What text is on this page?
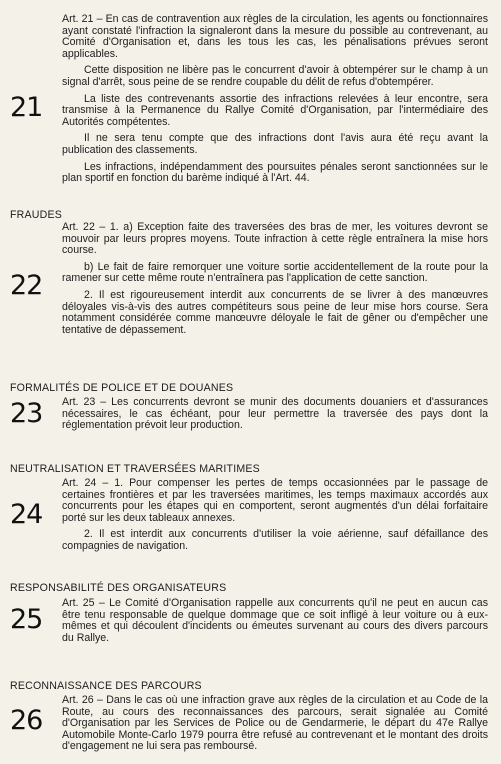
21

Art. 21 – En cas de contravention aux règles de la circulation, les agents ou fonctionnaires ayant constaté l'infraction la signaleront dans la mesure du possible au contrevenant, au Comité d'Organisation et, dans les tous les cas, les pénalisations prévues seront applicables.

Cette disposition ne libère pas le concurrent d'avoir à obtempérer sur le champ à un signal d'arrêt, sous peine de se rendre coupable du délit de refus d'obtempérer.

La liste des contrevenants assortie des infractions relevées à leur encontre, sera transmise à la Permanence du Rallye Comité d'Organisation, par l'intermédiaire des Autorités compétentes.

Il ne sera tenu compte que des infractions dont l'avis aura été reçu avant la publication des classements.

Les infractions, indépendamment des poursuites pénales seront sanctionnées sur le plan sportif en fonction du barème indiqué à l'Art. 44.

FRAUDES
22

Art. 22 – 1. a) Exception faite des traversées des bras de mer, les voitures devront se mouvoir par leurs propres moyens. Toute infraction à cette règle entraînera la mise hors course.

b) Le fait de faire remorquer une voiture sortie accidentellement de la route pour la ramener sur cette même route n'entraînera pas l'application de cette sanction.

2. Il est rigoureusement interdit aux concurrents de se livrer à des manœuvres déloyales vis-à-vis des autres compétiteurs sous peine de leur mise hors course. Sera notamment considérée comme manœuvre déloyale le fait de gêner ou d'empêcher une tentative de dépassement.

FORMALITÉS DE POLICE ET DE DOUANES
23	Art. 23 – Les concurrents devront se munir des documents douaniers et d'assurances nécessaires, le cas échéant, pour leur permettre la traversée des pays dont la réglementation prévoit leur production.

NEUTRALISATION ET TRAVERSÉES MARITIMES
24

Art. 24 – 1. Pour compenser les pertes de temps occasionnées par le passage de certaines frontières et par les traversées maritimes, les temps maximaux accordés aux concurrents pour les étapes qui en comportent, seront augmentés d'un délai forfaitaire porté sur les deux tableaux annexes.

2. Il est interdit aux concurrents d'utiliser la voie aérienne, sauf défaillance des compagnies de navigation.

RESPONSABILITÉ DES ORGANISATEURS
25

Art. 25 – Le Comité d'Organisation rappelle aux concurrents qu'il ne peut en aucun cas être tenu responsable de quelque dommage que ce soit infligé à leur voiture ou à eux-mêmes et qui découlent d'incidents ou émeutes survenant au cours des divers parcours du Rallye.

RECONNAISSANCE DES PARCOURS
26

Art. 26 – Dans le cas où une infraction grave aux règles de la circulation et au Code de la Route, au cours des reconnaissances des parcours, serait signalée au Comité d'Organisation par les Services de Police ou de Gendarmerie, le départ du 47e Rallye Automobile Monte-Carlo 1979 pourra être refusé au contrevenant et le montant des droits d'engagement ne lui sera pas remboursé.
